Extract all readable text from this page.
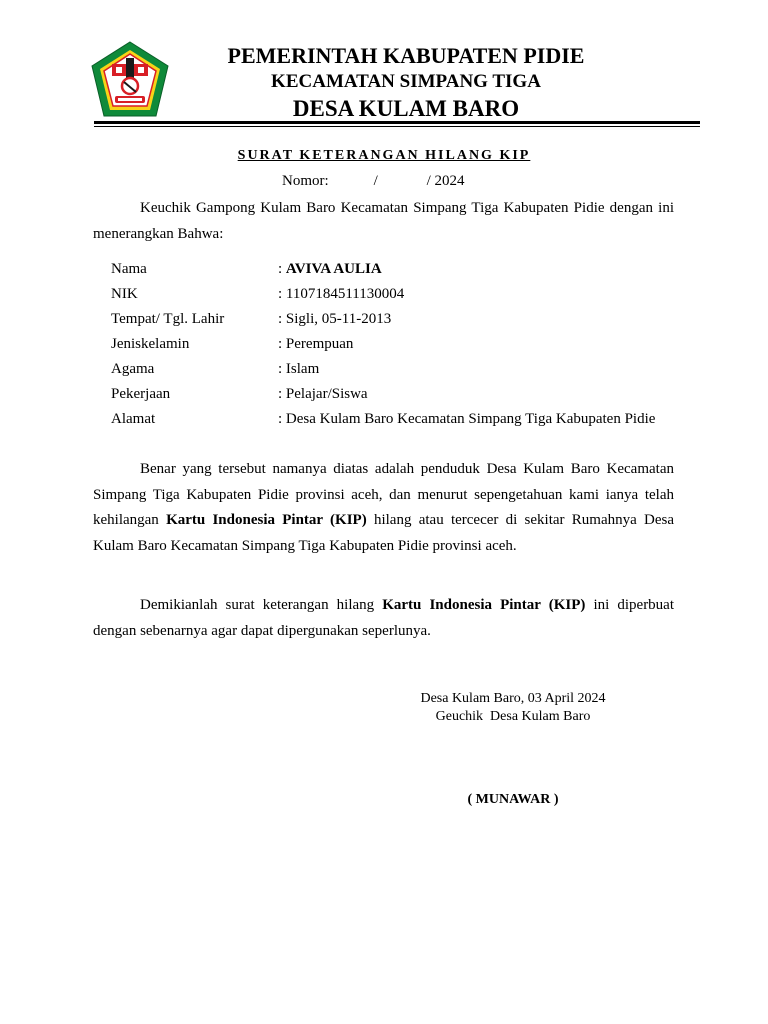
PEMERINTAH KABUPATEN PIDIE
KECAMATAN SIMPANG TIGA
DESA KULAM BARO
SURAT KETERANGAN HILANG KIP
Nomor:            /             / 2024
Keuchik Gampong Kulam Baro Kecamatan Simpang Tiga Kabupaten Pidie dengan ini menerangkan Bahwa:
Nama	: AVIVA AULIA
NIK	: 1107184511130004
Tempat/ Tgl. Lahir	: Sigli, 05-11-2013
Jeniskelamin	: Perempuan
Agama	: Islam
Pekerjaan	: Pelajar/Siswa
Alamat	: Desa Kulam Baro Kecamatan Simpang Tiga Kabupaten Pidie
Benar yang tersebut namanya diatas adalah penduduk Desa Kulam Baro Kecamatan Simpang Tiga Kabupaten Pidie provinsi aceh, dan menurut sepengetahuan kami ianya telah kehilangan Kartu Indonesia Pintar (KIP) hilang atau tercecer di sekitar Rumahnya Desa Kulam Baro Kecamatan Simpang Tiga Kabupaten Pidie provinsi aceh.
Demikianlah surat keterangan hilang Kartu Indonesia Pintar (KIP) ini diperbuat dengan sebenarnya agar dapat dipergunakan seperlunya.
Desa Kulam Baro, 03 April 2024
Geuchik  Desa Kulam Baro
( MUNAWAR )
